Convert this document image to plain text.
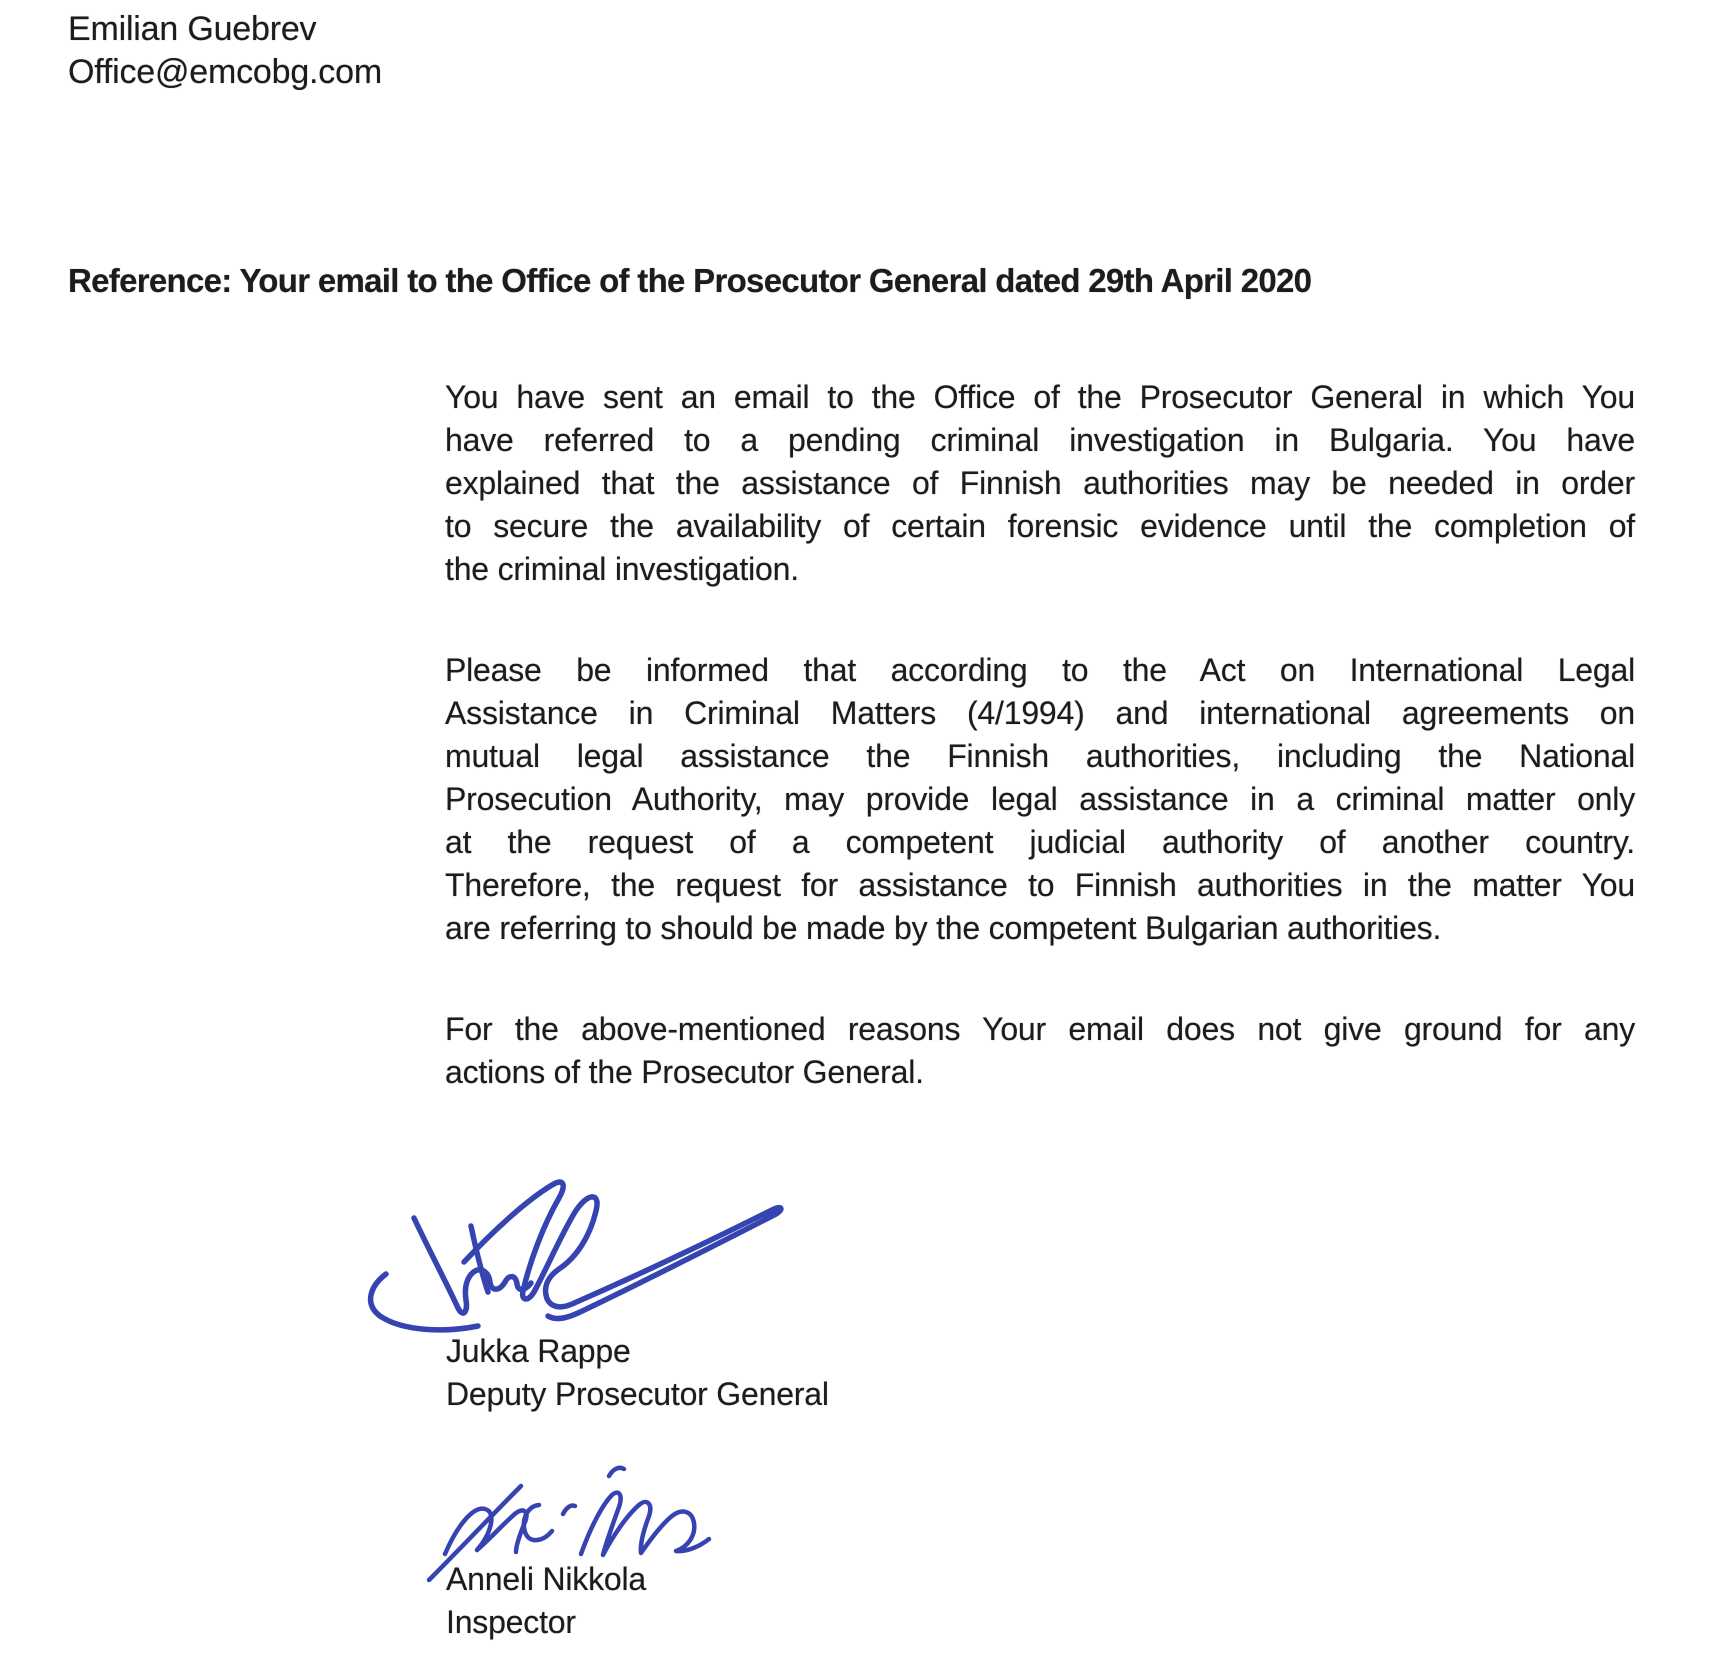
Emilian Guebrev
Office@emcobg.com
Reference: Your email to the Office of the Prosecutor General dated 29th April 2020
You have sent an email to the Office of the Prosecutor General in which You
have referred to a pending criminal investigation in Bulgaria. You have
explained that the assistance of Finnish authorities may be needed in order
to secure the availability of certain forensic evidence until the completion of
the criminal investigation.
Please be informed that according to the Act on International Legal
Assistance in Criminal Matters (4/1994) and international agreements on
mutual legal assistance the Finnish authorities, including the National
Prosecution Authority, may provide legal assistance in a criminal matter only
at the request of a competent judicial authority of another country.
Therefore, the request for assistance to Finnish authorities in the matter You
are referring to should be made by the competent Bulgarian authorities.
For the above-mentioned reasons Your email does not give ground for any
actions of the Prosecutor General.
Jukka Rappe
Deputy Prosecutor General
Anneli Nikkola
Inspector
